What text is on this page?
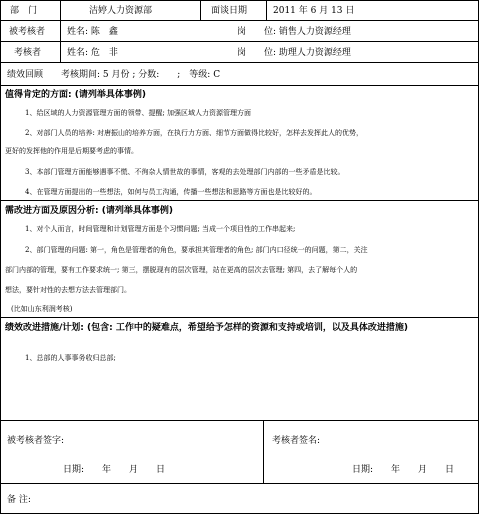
部　门	洁婷人力资源部	面谈日期	2011 年 6 月 13 日
被考核者 姓名: 陈　鑫	岗　　位: 销售人力资源经理
考核者	姓名: 危　非	岗　　位: 助理人力资源经理
绩效回顾　　考核期间: 5 月份 ; 分数:　　;　等级: C
值得肯定的方面: (请列举具体事例)
1、给区域的人力资源管理方面的领带、提醒; 加强区域人力资源管理方面
2、对部门人员的培养: 对唐振山的培养方面，在执行力方面、细节方面做得比较好，怎样去发挥此人的优势，
更好的发挥他的作用是后期要考虑的事情。
3、本部门管理方面能够遇事不慌、不徇杂人情世故的事情，客观的去处理部门内部的一些矛盾是比较。
4、在管理方面提出的一些想法，如何与员工沟通，传播一些想法和思路等方面也是比较好的。
需改进方面及原因分析: (请列举具体事例)
1、对个人而言，时间管理和计划管理方面是个习惯问题; 当成一个项目性的工作串起来;
2、部门管理的问题: 第一，角色是管理者的角色，要承担其管理者的角色; 部门内口径统一的问题，第二，关注
部门内部的管理，要有工作要求统一; 第三，摆脱现有的层次管理，站在更高的层次去管理; 第四，去了解每个人的
想法，要针对性的去想方法去管理部门。
(比如山东利润考核)
绩效改进措施/计划: (包含: 工作中的疑难点，希望给予怎样的资源和支持或培训，以及具体改进措施)
1、总部的人事事务收归总部;
被考核者签字:
日期:　　年　　月　　日
考核者签名:
日期:　　年　　月　　日
备 注:
